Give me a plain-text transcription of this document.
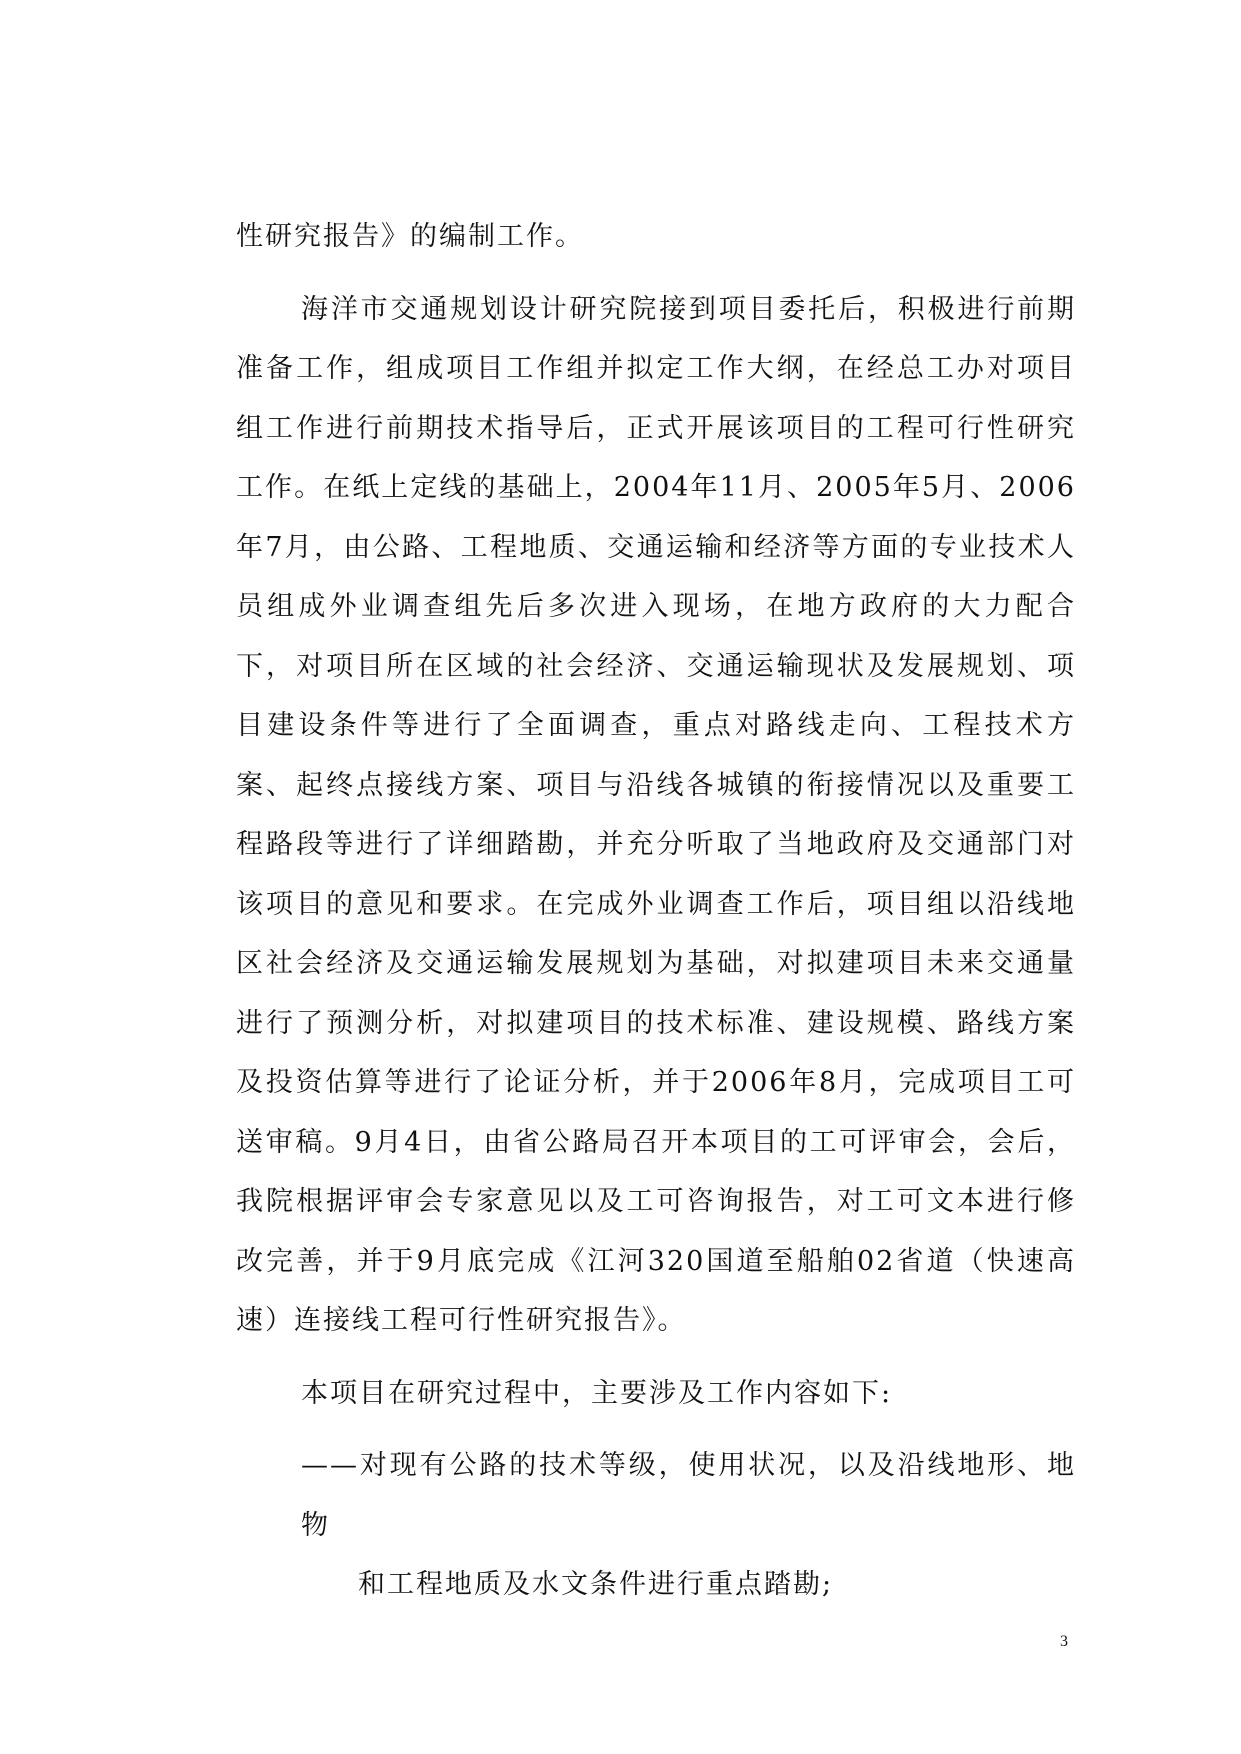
性研究报告》的编制工作。

海洋市交通规划设计研究院接到项目委托后，积极进行前期准备工作，组成项目工作组并拟定工作大纲，在经总工办对项目组工作进行前期技术指导后，正式开展该项目的工程可行性研究工作。在纸上定线的基础上，2004年11月、2005年5月、2006年7月，由公路、工程地质、交通运输和经济等方面的专业技术人员组成外业调查组先后多次进入现场，在地方政府的大力配合下，对项目所在区域的社会经济、交通运输现状及发展规划、项目建设条件等进行了全面调查，重点对路线走向、工程技术方案、起终点接线方案、项目与沿线各城镇的衔接情况以及重要工程路段等进行了详细踏勘，并充分听取了当地政府及交通部门对该项目的意见和要求。在完成外业调查工作后，项目组以沿线地区社会经济及交通运输发展规划为基础，对拟建项目未来交通量进行了预测分析，对拟建项目的技术标准、建设规模、路线方案及投资估算等进行了论证分析，并于2006年8月，完成项目工可送审稿。9月4日，由省公路局召开本项目的工可评审会，会后，我院根据评审会专家意见以及工可咨询报告，对工可文本进行修改完善，并于9月底完成《江河320国道至船舶02省道（快速高速）连接线工程可行性研究报告》。

本项目在研究过程中，主要涉及工作内容如下:

——对现有公路的技术等级，使用状况，以及沿线地形、地物

和工程地质及水文条件进行重点踏勘;

3
